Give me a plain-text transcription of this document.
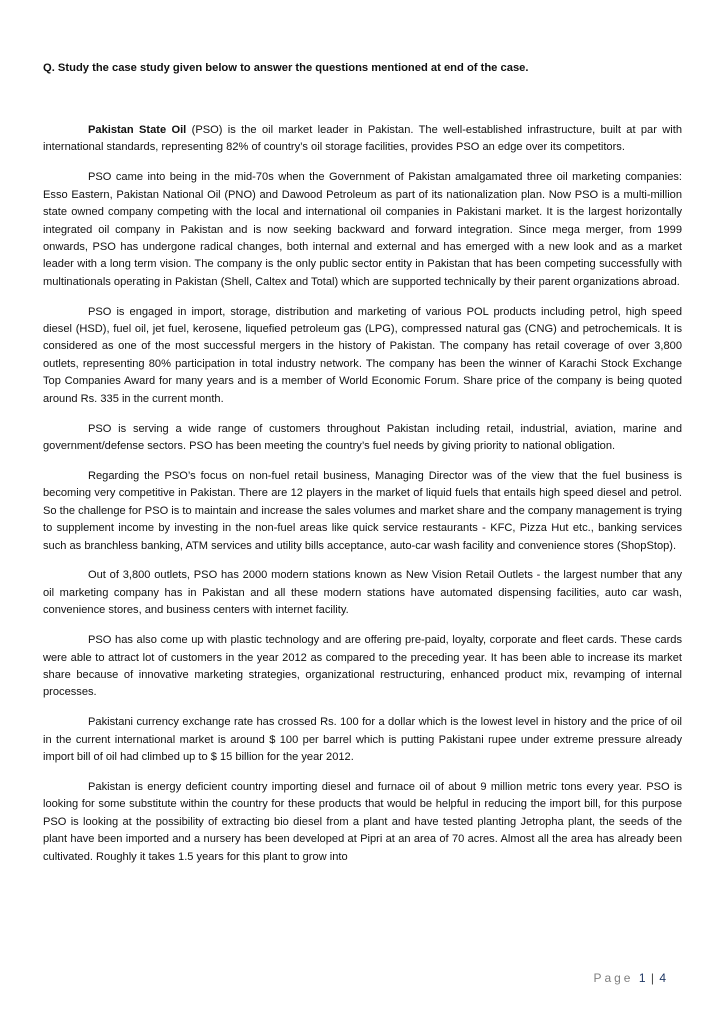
Q. Study the case study given below to answer the questions mentioned at end of the case.

Pakistan State Oil (PSO) is the oil market leader in Pakistan. The well-established infrastructure, built at par with international standards, representing 82% of country’s oil storage facilities, provides PSO an edge over its competitors.

PSO came into being in the mid-70s when the Government of Pakistan amalgamated three oil marketing companies: Esso Eastern, Pakistan National Oil (PNO) and Dawood Petroleum as part of its nationalization plan. Now PSO is a multi-million state owned company competing with the local and international oil companies in Pakistani market. It is the largest horizontally integrated oil company in Pakistan and is now seeking backward and forward integration. Since mega merger, from 1999 onwards, PSO has undergone radical changes, both internal and external and has emerged with a new look and as a market leader with a long term vision. The company is the only public sector entity in Pakistan that has been competing successfully with multinationals operating in Pakistan (Shell, Caltex and Total) which are supported technically by their parent organizations abroad.

PSO is engaged in import, storage, distribution and marketing of various POL products including petrol, high speed diesel (HSD), fuel oil, jet fuel, kerosene, liquefied petroleum gas (LPG), compressed natural gas (CNG) and petrochemicals. It is considered as one of the most successful mergers in the history of Pakistan. The company has retail coverage of over 3,800 outlets, representing 80% participation in total industry network. The company has been the winner of Karachi Stock Exchange Top Companies Award for many years and is a member of World Economic Forum. Share price of the company is being quoted around Rs. 335 in the current month.

PSO is serving a wide range of customers throughout Pakistan including retail, industrial, aviation, marine and government/defense sectors. PSO has been meeting the country’s fuel needs by giving priority to national obligation.

Regarding the PSO’s focus on non-fuel retail business, Managing Director was of the view that the fuel business is becoming very competitive in Pakistan. There are 12 players in the market of liquid fuels that entails high speed diesel and petrol. So the challenge for PSO is to maintain and increase the sales volumes and market share and the company management is trying to supplement income by investing in the non-fuel areas like quick service restaurants - KFC, Pizza Hut etc., banking services such as branchless banking, ATM services and utility bills acceptance, auto-car wash facility and convenience stores (ShopStop).

Out of 3,800 outlets, PSO has 2000 modern stations known as New Vision Retail Outlets - the largest number that any oil marketing company has in Pakistan and all these modern stations have automated dispensing facilities, auto car wash, convenience stores, and business centers with internet facility.

PSO has also come up with plastic technology and are offering pre-paid, loyalty, corporate and fleet cards. These cards were able to attract lot of customers in the year 2012 as compared to the preceding year. It has been able to increase its market share because of innovative marketing strategies, organizational restructuring, enhanced product mix, revamping of internal processes.

Pakistani currency exchange rate has crossed Rs. 100 for a dollar which is the lowest level in history and the price of oil in the current international market is around $ 100 per barrel which is putting Pakistani rupee under extreme pressure already import bill of oil had climbed up to $ 15 billion for the year 2012.

Pakistan is energy deficient country importing diesel and furnace oil of about 9 million metric tons every year. PSO is looking for some substitute within the country for these products that would be helpful in reducing the import bill, for this purpose PSO is looking at the possibility of extracting bio diesel from a plant and have tested planting Jetropha plant, the seeds of the plant have been imported and a nursery has been developed at Pipri at an area of 70 acres. Almost all the area has already been cultivated. Roughly it takes 1.5 years for this plant to grow into

Page 1 | 4
